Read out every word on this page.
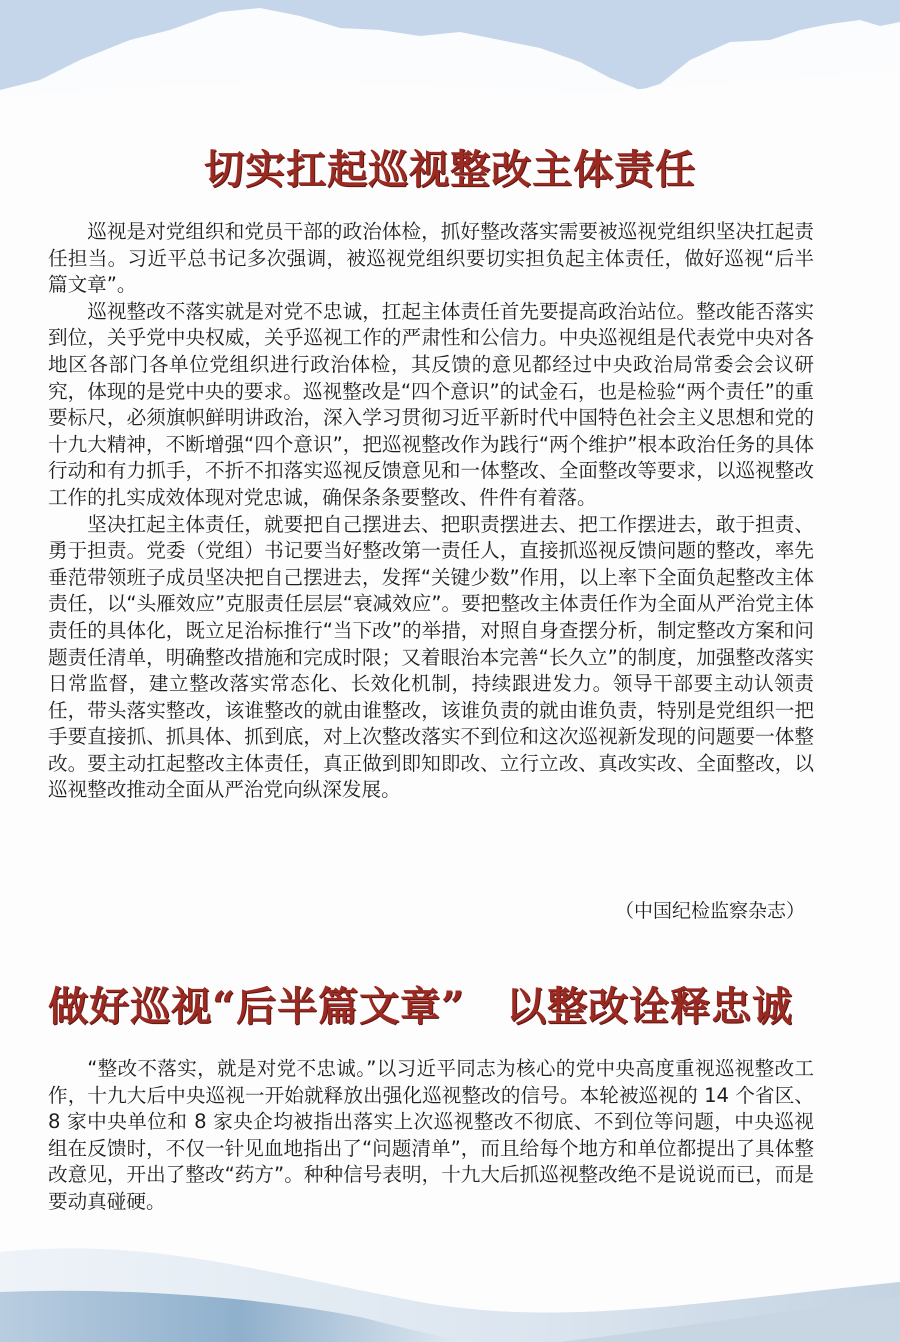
切实扛起巡视整改主体责任

巡视是对党组织和党员干部的政治体检，抓好整改落实需要被巡视党组织坚决扛起责任担当。习近平总书记多次强调，被巡视党组织要切实担负起主体责任，做好巡视“后半篇文章”。

巡视整改不落实就是对党不忠诚，扛起主体责任首先要提高政治站位。整改能否落实到位，关乎党中央权威，关乎巡视工作的严肃性和公信力。中央巡视组是代表党中央对各地区各部门各单位党组织进行政治体检，其反馈的意见都经过中央政治局常委会会议研究，体现的是党中央的要求。巡视整改是“四个意识”的试金石，也是检验“两个责任”的重要标尺，必须旗帜鲜明讲政治，深入学习贯彻习近平新时代中国特色社会主义思想和党的十九大精神，不断增强“四个意识”，把巡视整改作为践行“两个维护”根本政治任务的具体行动和有力抓手，不折不扣落实巡视反馈意见和一体整改、全面整改等要求，以巡视整改工作的扎实成效体现对党忠诚，确保条条要整改、件件有着落。

坚决扛起主体责任，就要把自己摆进去、把职责摆进去、把工作摆进去，敢于担责、勇于担责。党委（党组）书记要当好整改第一责任人，直接抓巡视反馈问题的整改，率先垂范带领班子成员坚决把自己摆进去，发挥“关键少数”作用，以上率下全面负起整改主体责任，以“头雁效应”克服责任层层“衰减效应”。要把整改主体责任作为全面从严治党主体责任的具体化，既立足治标推行“当下改”的举措，对照自身查摆分析，制定整改方案和问题责任清单，明确整改措施和完成时限；又着眼治本完善“长久立”的制度，加强整改落实日常监督，建立整改落实常态化、长效化机制，持续跟进发力。领导干部要主动认领责任，带头落实整改，该谁整改的就由谁整改，该谁负责的就由谁负责，特别是党组织一把手要直接抓、抓具体、抓到底，对上次整改落实不到位和这次巡视新发现的问题要一体整改。要主动扛起整改主体责任，真正做到即知即改、立行立改、真改实改、全面整改，以巡视整改推动全面从严治党向纵深发展。

（中国纪检监察杂志）
做好巡视“后半篇文章”　以整改诠释忠诚

“整改不落实，就是对党不忠诚。”以习近平同志为核心的党中央高度重视巡视整改工作，十九大后中央巡视一开始就释放出强化巡视整改的信号。本轮被巡视的 14 个省区、8 家中央单位和 8 家央企均被指出落实上次巡视整改不彻底、不到位等问题，中央巡视组在反馈时，不仅一针见血地指出了“问题清单”，而且给每个地方和单位都提出了具体整改意见，开出了整改“药方”。种种信号表明，十九大后抓巡视整改绝不是说说而已，而是要动真碰硬。
